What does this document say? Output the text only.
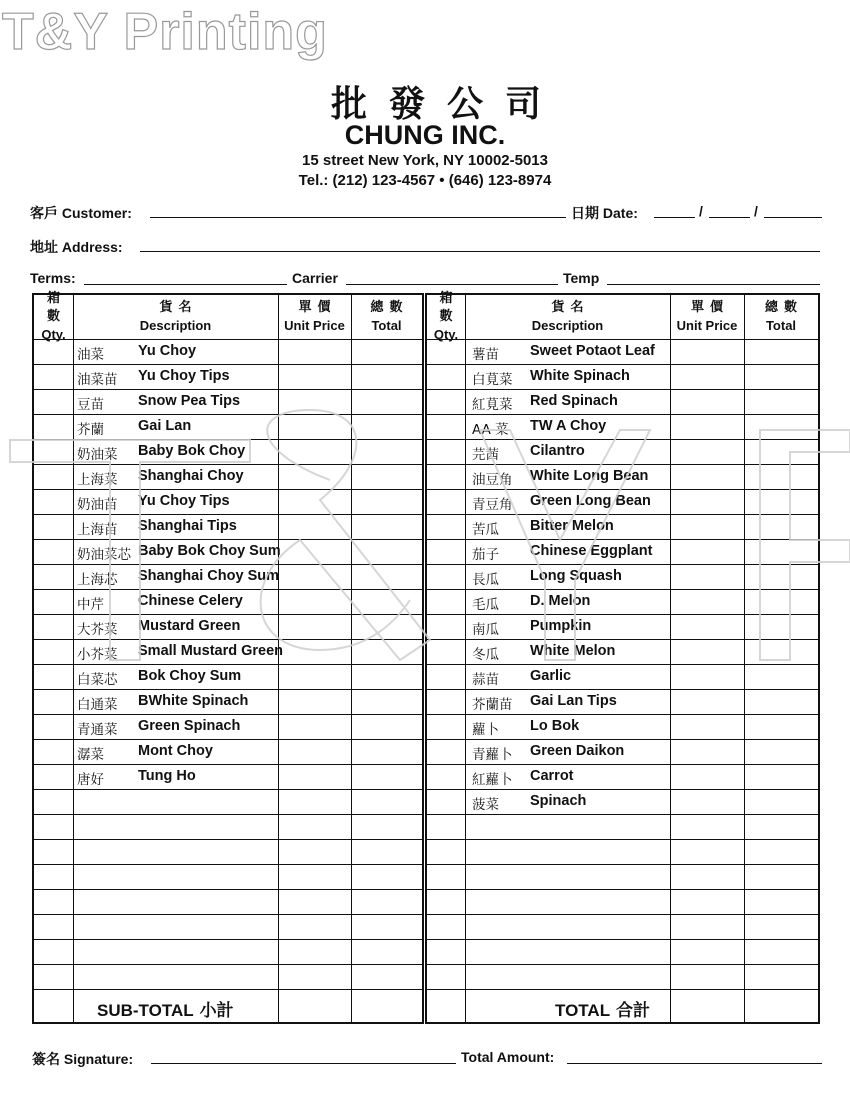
T&Y Printing
批發公司
CHUNG INC.
15 street New York, NY 10002-5013
Tel.: (212) 123-4567 • (646) 123-8974
客戶 Customer:	日期 Date:	/	/
地址 Address:
Terms:	Carrier	Temp
箱數
Qty.
貨名
Description
單價
Unit Price
總數
Total
SUB-TOTAL 小計
油菜 Yu Choy
油菜苗 Yu Choy Tips
豆苗 Snow Pea Tips
芥蘭 Gai Lan
奶油菜 Baby Bok Choy
上海菜 Shanghai Choy
奶油苗 Yu Choy Tips
上海苗 Shanghai Tips
奶油菜芯 Baby Bok Choy Sum
上海芯 Shanghai Choy Sum
中芹 Chinese Celery
大芥菜 Mustard Green
小芥菜 Small Mustard Green
白菜芯 Bok Choy Sum
白通菜 BWhite Spinach
青通菜 Green Spinach
潺菜 Mont Choy
唐好 Tung Ho
箱數
Qty.
貨名
Description
單價
Unit Price
總數
Total
TOTAL 合計
薯苗 Sweet Potaot Leaf
白莧菜 White Spinach
紅莧菜 Red Spinach
AA 菜 TW A Choy
芫茜 Cilantro
油豆角 White Long Bean
青豆角 Green Long Bean
苦瓜 Bitter Melon
茄子 Chinese Eggplant
長瓜 Long Squash
毛瓜 D. Melon
南瓜 Pumpkin
冬瓜 White Melon
蒜苗 Garlic
芥蘭苗 Gai Lan Tips
蘿卜 Lo Bok
青蘿卜 Green Daikon
紅蘿卜 Carrot
菠菜 Spinach
簽名 Signature:	Total Amount:
